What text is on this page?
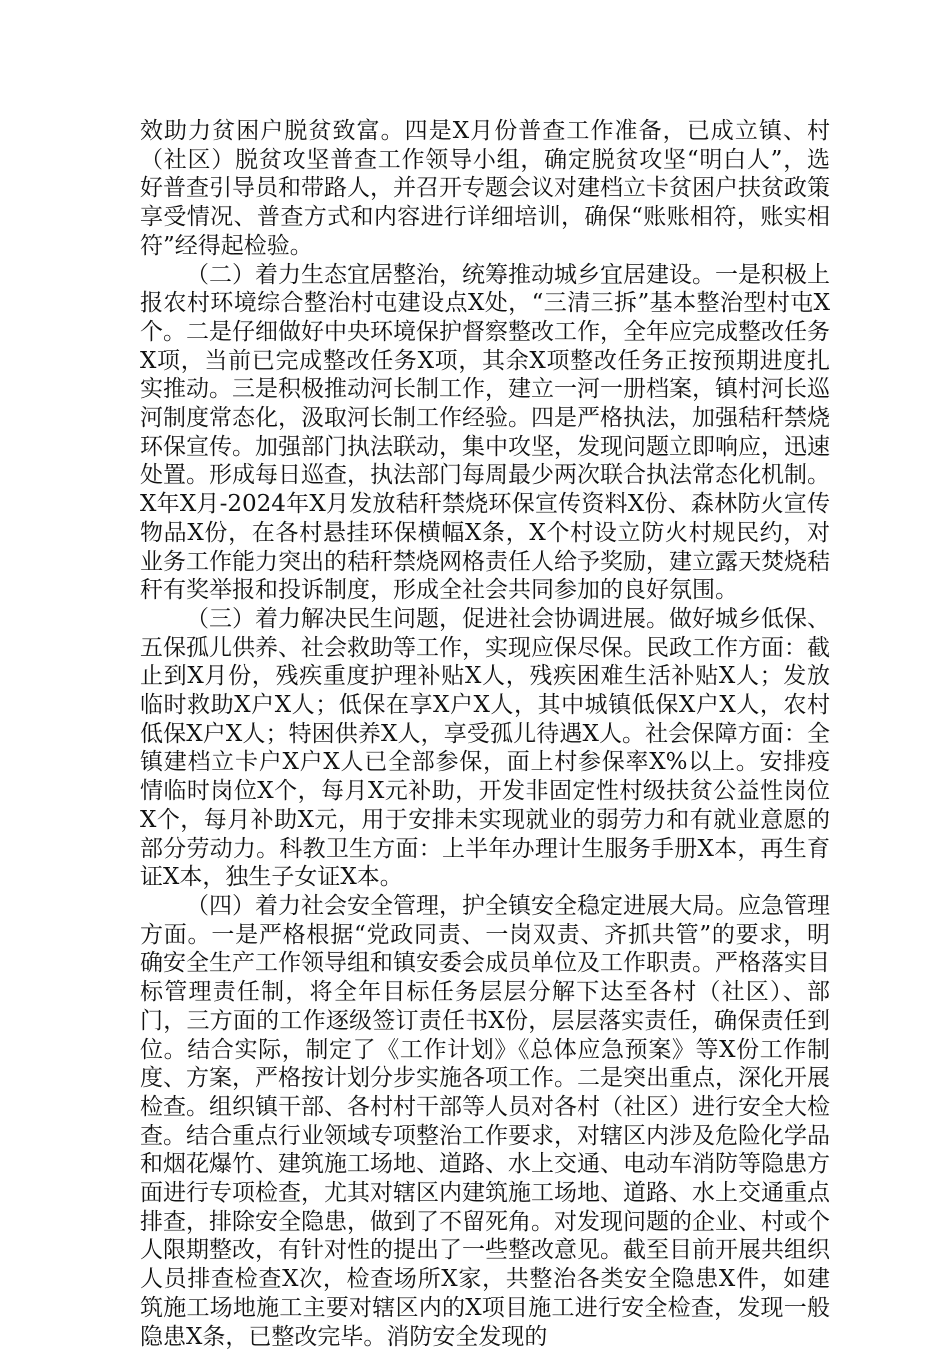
效助力贫困户脱贫致富。四是X月份普查工作准备，已成立镇、村（社区）脱贫攻坚普查工作领导小组，确定脱贫攻坚“明白人”，选好普查引导员和带路人，并召开专题会议对建档立卡贫困户扶贫政策享受情况、普查方式和内容进行详细培训，确保“账账相符，账实相符”经得起检验。

（二）着力生态宜居整治，统筹推动城乡宜居建设。一是积极上报农村环境综合整治村屯建设点X处，“三清三拆”基本整治型村屯X个。二是仔细做好中央环境保护督察整改工作，全年应完成整改任务X项，当前已完成整改任务X项，其余X项整改任务正按预期进度扎实推动。三是积极推动河长制工作，建立一河一册档案，镇村河长巡河制度常态化，汲取河长制工作经验。四是严格执法，加强秸秆禁烧环保宣传。加强部门执法联动，集中攻坚，发现问题立即响应，迅速处置。形成每日巡查，执法部门每周最少两次联合执法常态化机制。X年X月-2024年X月发放秸秆禁烧环保宣传资料X份、森林防火宣传物品X份，在各村悬挂环保横幅X条，X个村设立防火村规民约，对业务工作能力突出的秸秆禁烧网格责任人给予奖励，建立露天焚烧秸秆有奖举报和投诉制度，形成全社会共同参加的良好氛围。

（三）着力解决民生问题，促进社会协调进展。做好城乡低保、五保孤儿供养、社会救助等工作，实现应保尽保。民政工作方面：截止到X月份，残疾重度护理补贴X人，残疾困难生活补贴X人；发放临时救助X户X人；低保在享X户X人，其中城镇低保X户X人，农村低保X户X人；特困供养X人，享受孤儿待遇X人。社会保障方面：全镇建档立卡户X户X人已全部参保，面上村参保率X%以上。安排疫情临时岗位X个，每月X元补助，开发非固定性村级扶贫公益性岗位X个，每月补助X元，用于安排未实现就业的弱劳力和有就业意愿的部分劳动力。科教卫生方面：上半年办理计生服务手册X本，再生育证X本，独生子女证X本。

（四）着力社会安全管理，护全镇安全稳定进展大局。应急管理方面。一是严格根据“党政同责、一岗双责、齐抓共管”的要求，明确安全生产工作领导组和镇安委会成员单位及工作职责。严格落实目标管理责任制，将全年目标任务层层分解下达至各村（社区）、部门，三方面的工作逐级签订责任书X份，层层落实责任，确保责任到位。结合实际，制定了《工作计划》《总体应急预案》等X份工作制度、方案，严格按计划分步实施各项工作。二是突出重点，深化开展检查。组织镇干部、各村村干部等人员对各村（社区）进行安全大检查。结合重点行业领域专项整治工作要求，对辖区内涉及危险化学品和烟花爆竹、建筑施工场地、道路、水上交通、电动车消防等隐患方面进行专项检查，尤其对辖区内建筑施工场地、道路、水上交通重点排查，排除安全隐患，做到了不留死角。对发现问题的企业、村或个人限期整改，有针对性的提出了一些整改意见。截至目前开展共组织人员排查检查X次，检查场所X家，共整治各类安全隐患X件，如建筑施工场地施工主要对辖区内的X项目施工进行安全检查，发现一般隐患X条，已整改完毕。消防安全发现的
